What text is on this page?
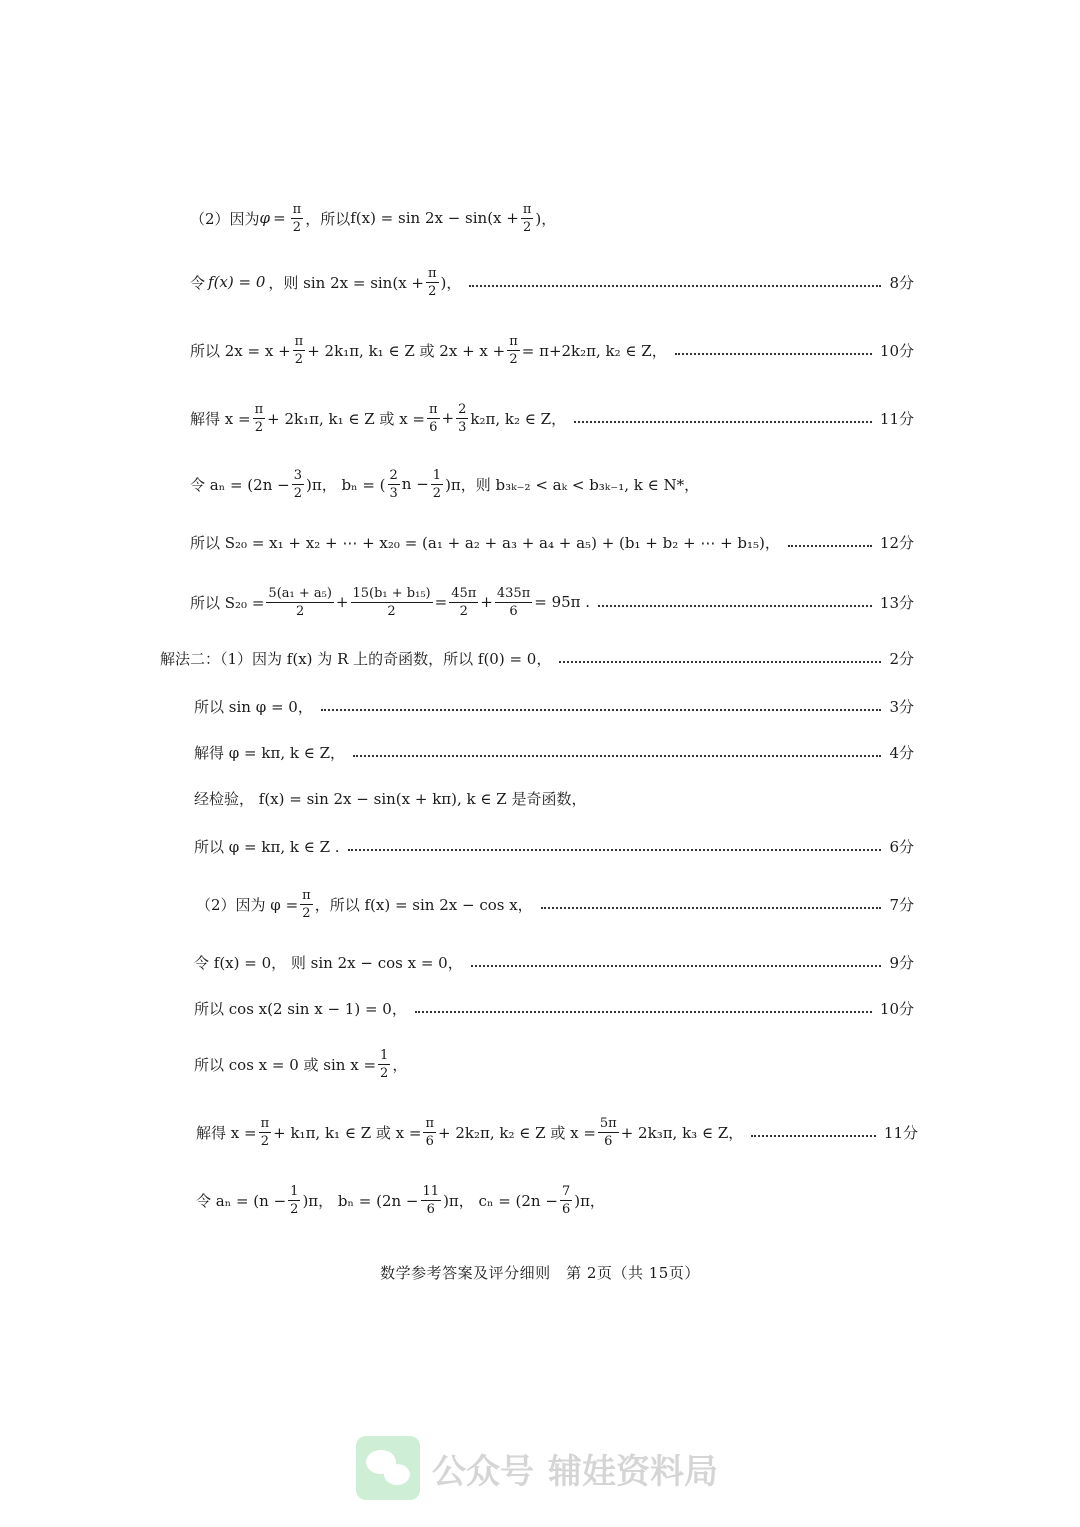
（2）因为 $\varphi = \frac{\pi}{2}$ ，所以 $f(x) = \sin 2x - \sin(x + \frac{\pi}{2}$ )，
令 f(x) = 0 ，则 $\sin 2x = \sin(x + \frac{\pi}{2}$ )，	8分
所以 $2x = x + \frac{\pi}{2} + 2k_1\pi$, k₁ ∈ Z 或 $2x + x + \frac{\pi}{2} = \pi+2k_2\pi$, k₂ ∈ Z，	10分
解得 $x = \frac{\pi}{2} + 2k_1\pi$, k₁ ∈ Z 或 $x = \frac{\pi}{6} + \frac{2}{3} k_2\pi$, k₂ ∈ Z，	11分
令 $a_n = (2n - \frac{3}{2} )\pi$， bₙ = ( $\frac{2}{3}$ $n - \frac{1}{2} )\pi$，则 b₃ₖ₋₂ < aₖ < b₃ₖ₋₁, k ∈ N*，
所以 S₂₀ = x₁ + x₂ + ⋯ + x₂₀ = (a₁ + a₂ + a₃ + a₄ + a₅) + (b₁ + b₂ + ⋯ + b₁₅)，	12分
所以 $S_{20} = \frac{\text{5(a₁ + a₅)}}{2} + \frac{\text{15(b₁ + b₁₅)}}{2} = \frac{45\pi}{2} + \frac{435\pi}{6} = 95\pi$ .	13分
解法二：（1）因为 f(x) 为 R 上的奇函数，所以 f(0) = 0，	2分
所以 sin φ = 0，	3分
解得 φ = kπ, k ∈ Z，	4分
经检验， f(x) = sin 2x − sin(x + kπ), k ∈ Z 是奇函数，
所以 φ = kπ, k ∈ Z .	6分
（2）因为 $\varphi = \frac{\pi}{2}$ ，所以 f(x) = sin 2x − cos x，	7分
令 f(x) = 0， 则 sin 2x − cos x = 0，	9分
所以 cos x(2 sin x − 1) = 0，	10分
所以 cos x = 0 或 $\sin x = \frac{1}{2}$ ，
解得 $x = \frac{\pi}{2} + k_1\pi$, k₁ ∈ Z 或 $x = \frac{\pi}{6} + 2k_2\pi$, k₂ ∈ Z 或 $x = \frac{5\pi}{6} + 2k_3\pi$, k₃ ∈ Z，	11分
令 $a_n = (n - \frac{1}{2} )\pi$， $b_n = (2n - \frac{11}{6} )\pi$， $c_n = (2n - \frac{7}{6} )\pi$，
数学参考答案及评分细则　第 2页（共 15页）
公众号 辅娃资料局
